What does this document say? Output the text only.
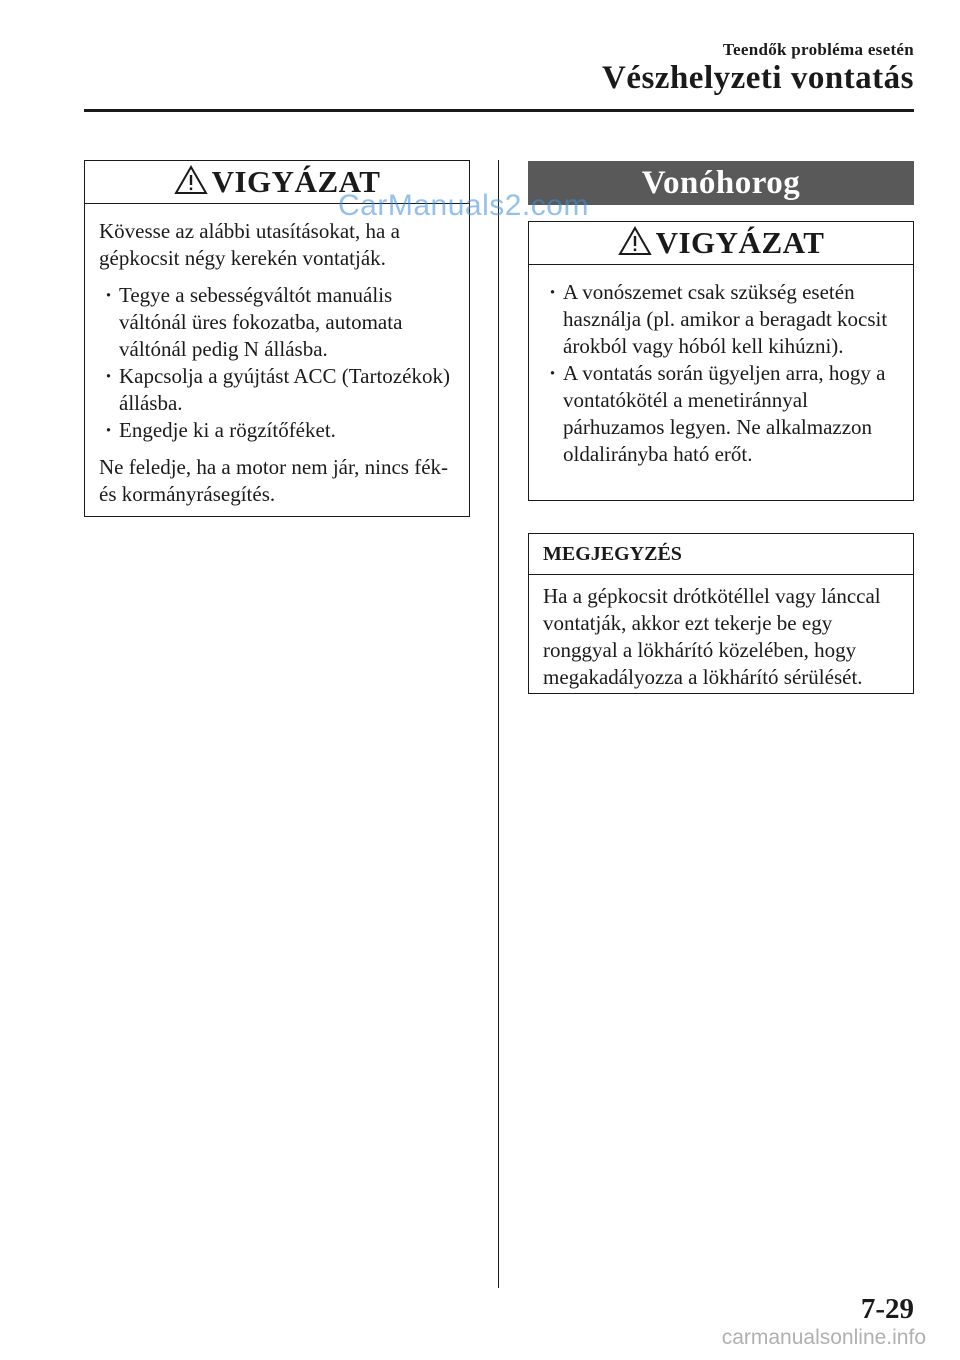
Teendők probléma esetén
Vészhelyzeti vontatás
VIGYÁZAT

Kövesse az alábbi utasításokat, ha a gépkocsit négy kerekén vontatják.

· Tegye a sebességváltót manuális váltónál üres fokozatba, automata váltónál pedig N állásba.
· Kapcsolja a gyújtást ACC (Tartozékok) állásba.
· Engedje ki a rögzítőféket.

Ne feledje, ha a motor nem jár, nincs fék- és kormányrásegítés.

Vonóhorog
VIGYÁZAT
· A vonószemet csak szükség esetén használja (pl. amikor a beragadt kocsit árokból vagy hóból kell kihúzni).
· A vontatás során ügyeljen arra, hogy a vontatókötél a menetiránnyal párhuzamos legyen. Ne alkalmazzon oldalirányba ható erőt.
MEGJEGYZÉS

Ha a gépkocsit drótkötéllel vagy lánccal vontatják, akkor ezt tekerje be egy ronggyal a lökhárító közelében, hogy megakadályozza a lökhárító sérülését.

CarManuals2.com
7-29
carmanualsonline.info
